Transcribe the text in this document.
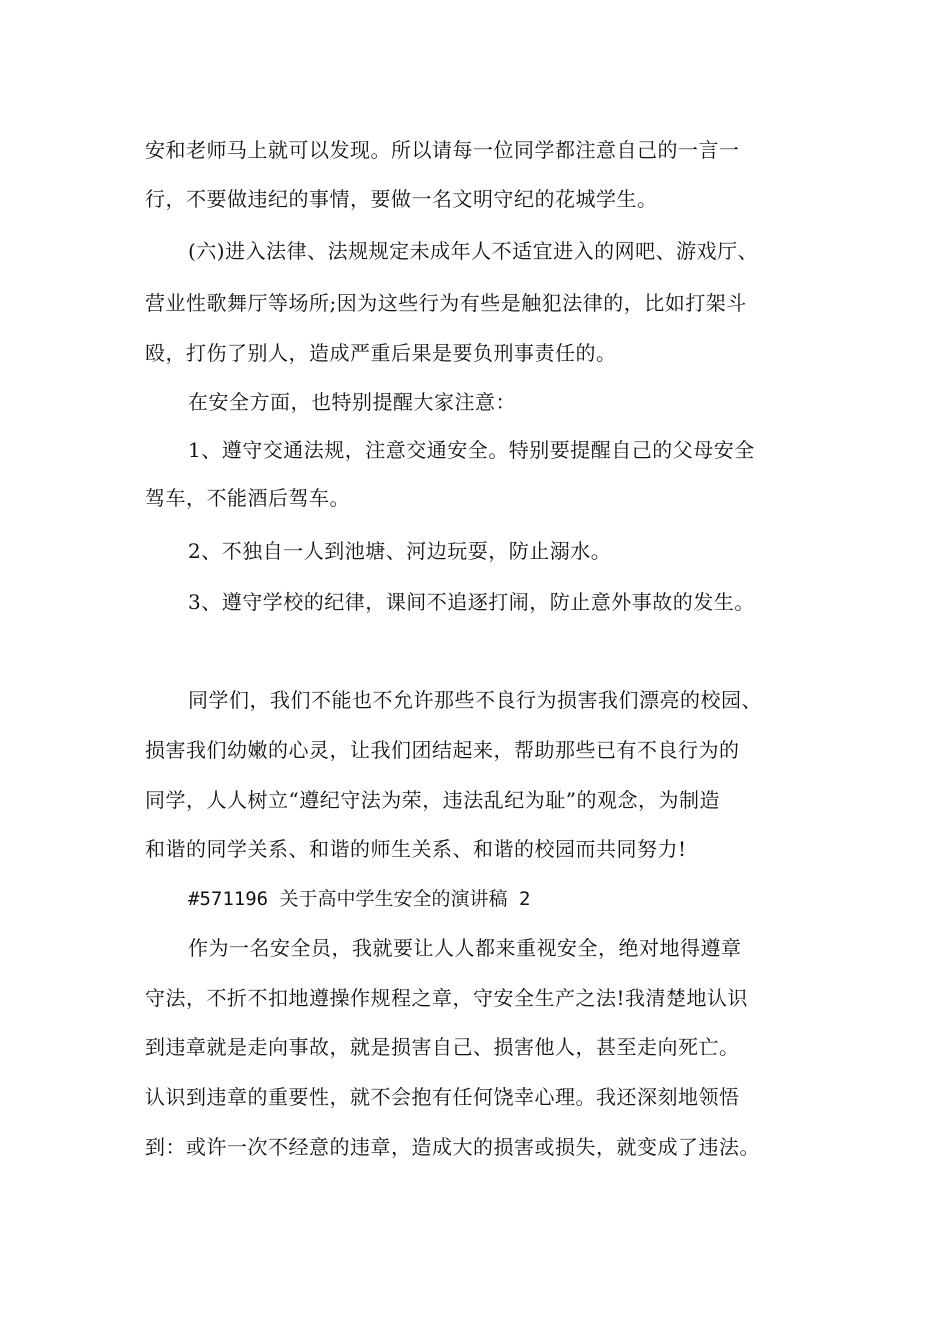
安和老师马上就可以发现。所以请每一位同学都注意自己的一言一

行，不要做违纪的事情，要做一名文明守纪的花城学生。

(六)进入法律、法规规定未成年人不适宜进入的网吧、游戏厅、

营业性歌舞厅等场所;因为这些行为有些是触犯法律的，比如打架斗

殴，打伤了别人，造成严重后果是要负刑事责任的。

在安全方面，也特别提醒大家注意：

1、遵守交通法规，注意交通安全。特别要提醒自己的父母安全

驾车，不能酒后驾车。

2、不独自一人到池塘、河边玩耍，防止溺水。

3、遵守学校的纪律，课间不追逐打闹，防止意外事故的发生。

同学们，我们不能也不允许那些不良行为损害我们漂亮的校园、

损害我们幼嫩的心灵，让我们团结起来，帮助那些已有不良行为的

同学，人人树立“遵纪守法为荣，违法乱纪为耻”的观念，为制造

和谐的同学关系、和谐的师生关系、和谐的校园而共同努力!

#571196 关于高中学生安全的演讲稿 2

作为一名安全员，我就要让人人都来重视安全，绝对地得遵章

守法，不折不扣地遵操作规程之章，守安全生产之法!我清楚地认识

到违章就是走向事故，就是损害自己、损害他人，甚至走向死亡。

认识到违章的重要性，就不会抱有任何饶幸心理。我还深刻地领悟

到：或许一次不经意的违章，造成大的损害或损失，就变成了违法。
